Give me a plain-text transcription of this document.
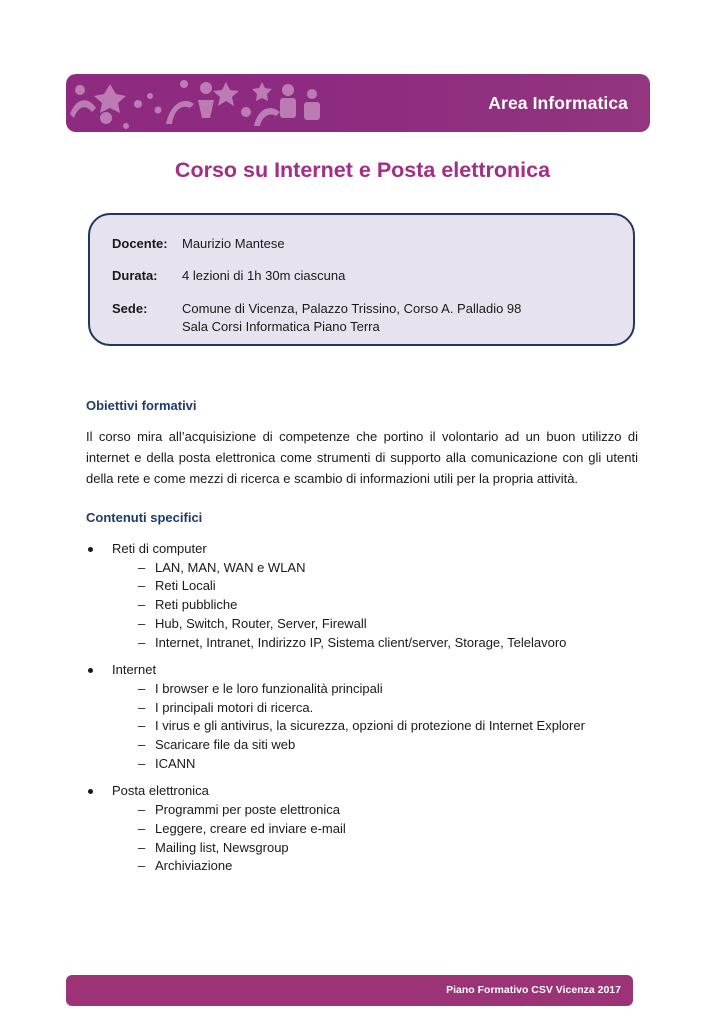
Area Informatica
Corso su Internet e Posta elettronica
Docente:	Maurizio Mantese
Durata:	4 lezioni di 1h 30m ciascuna
Sede:	Comune di Vicenza, Palazzo Trissino, Corso A. Palladio 98
Sala Corsi Informatica Piano Terra
Obiettivi formativi
Il corso mira all’acquisizione di competenze che portino il volontario ad un buon utilizzo di internet e della posta elettronica come strumenti di supporto alla comunicazione con gli utenti della rete e come mezzi di ricerca e scambio di informazioni utili per la propria attività.
Contenuti specifici
Reti di computer
– LAN, MAN, WAN e WLAN
– Reti Locali
– Reti pubbliche
– Hub, Switch, Router, Server, Firewall
– Internet, Intranet, Indirizzo IP, Sistema client/server, Storage, Telelavoro
Internet
– I browser e le loro funzionalità principali
– I principali motori di ricerca.
– I virus e gli antivirus, la sicurezza, opzioni di protezione di Internet Explorer
– Scaricare file da siti web
– ICANN
Posta elettronica
– Programmi per poste elettronica
– Leggere, creare ed inviare e-mail
– Mailing list, Newsgroup
– Archiviazione
Piano Formativo CSV Vicenza 2017
